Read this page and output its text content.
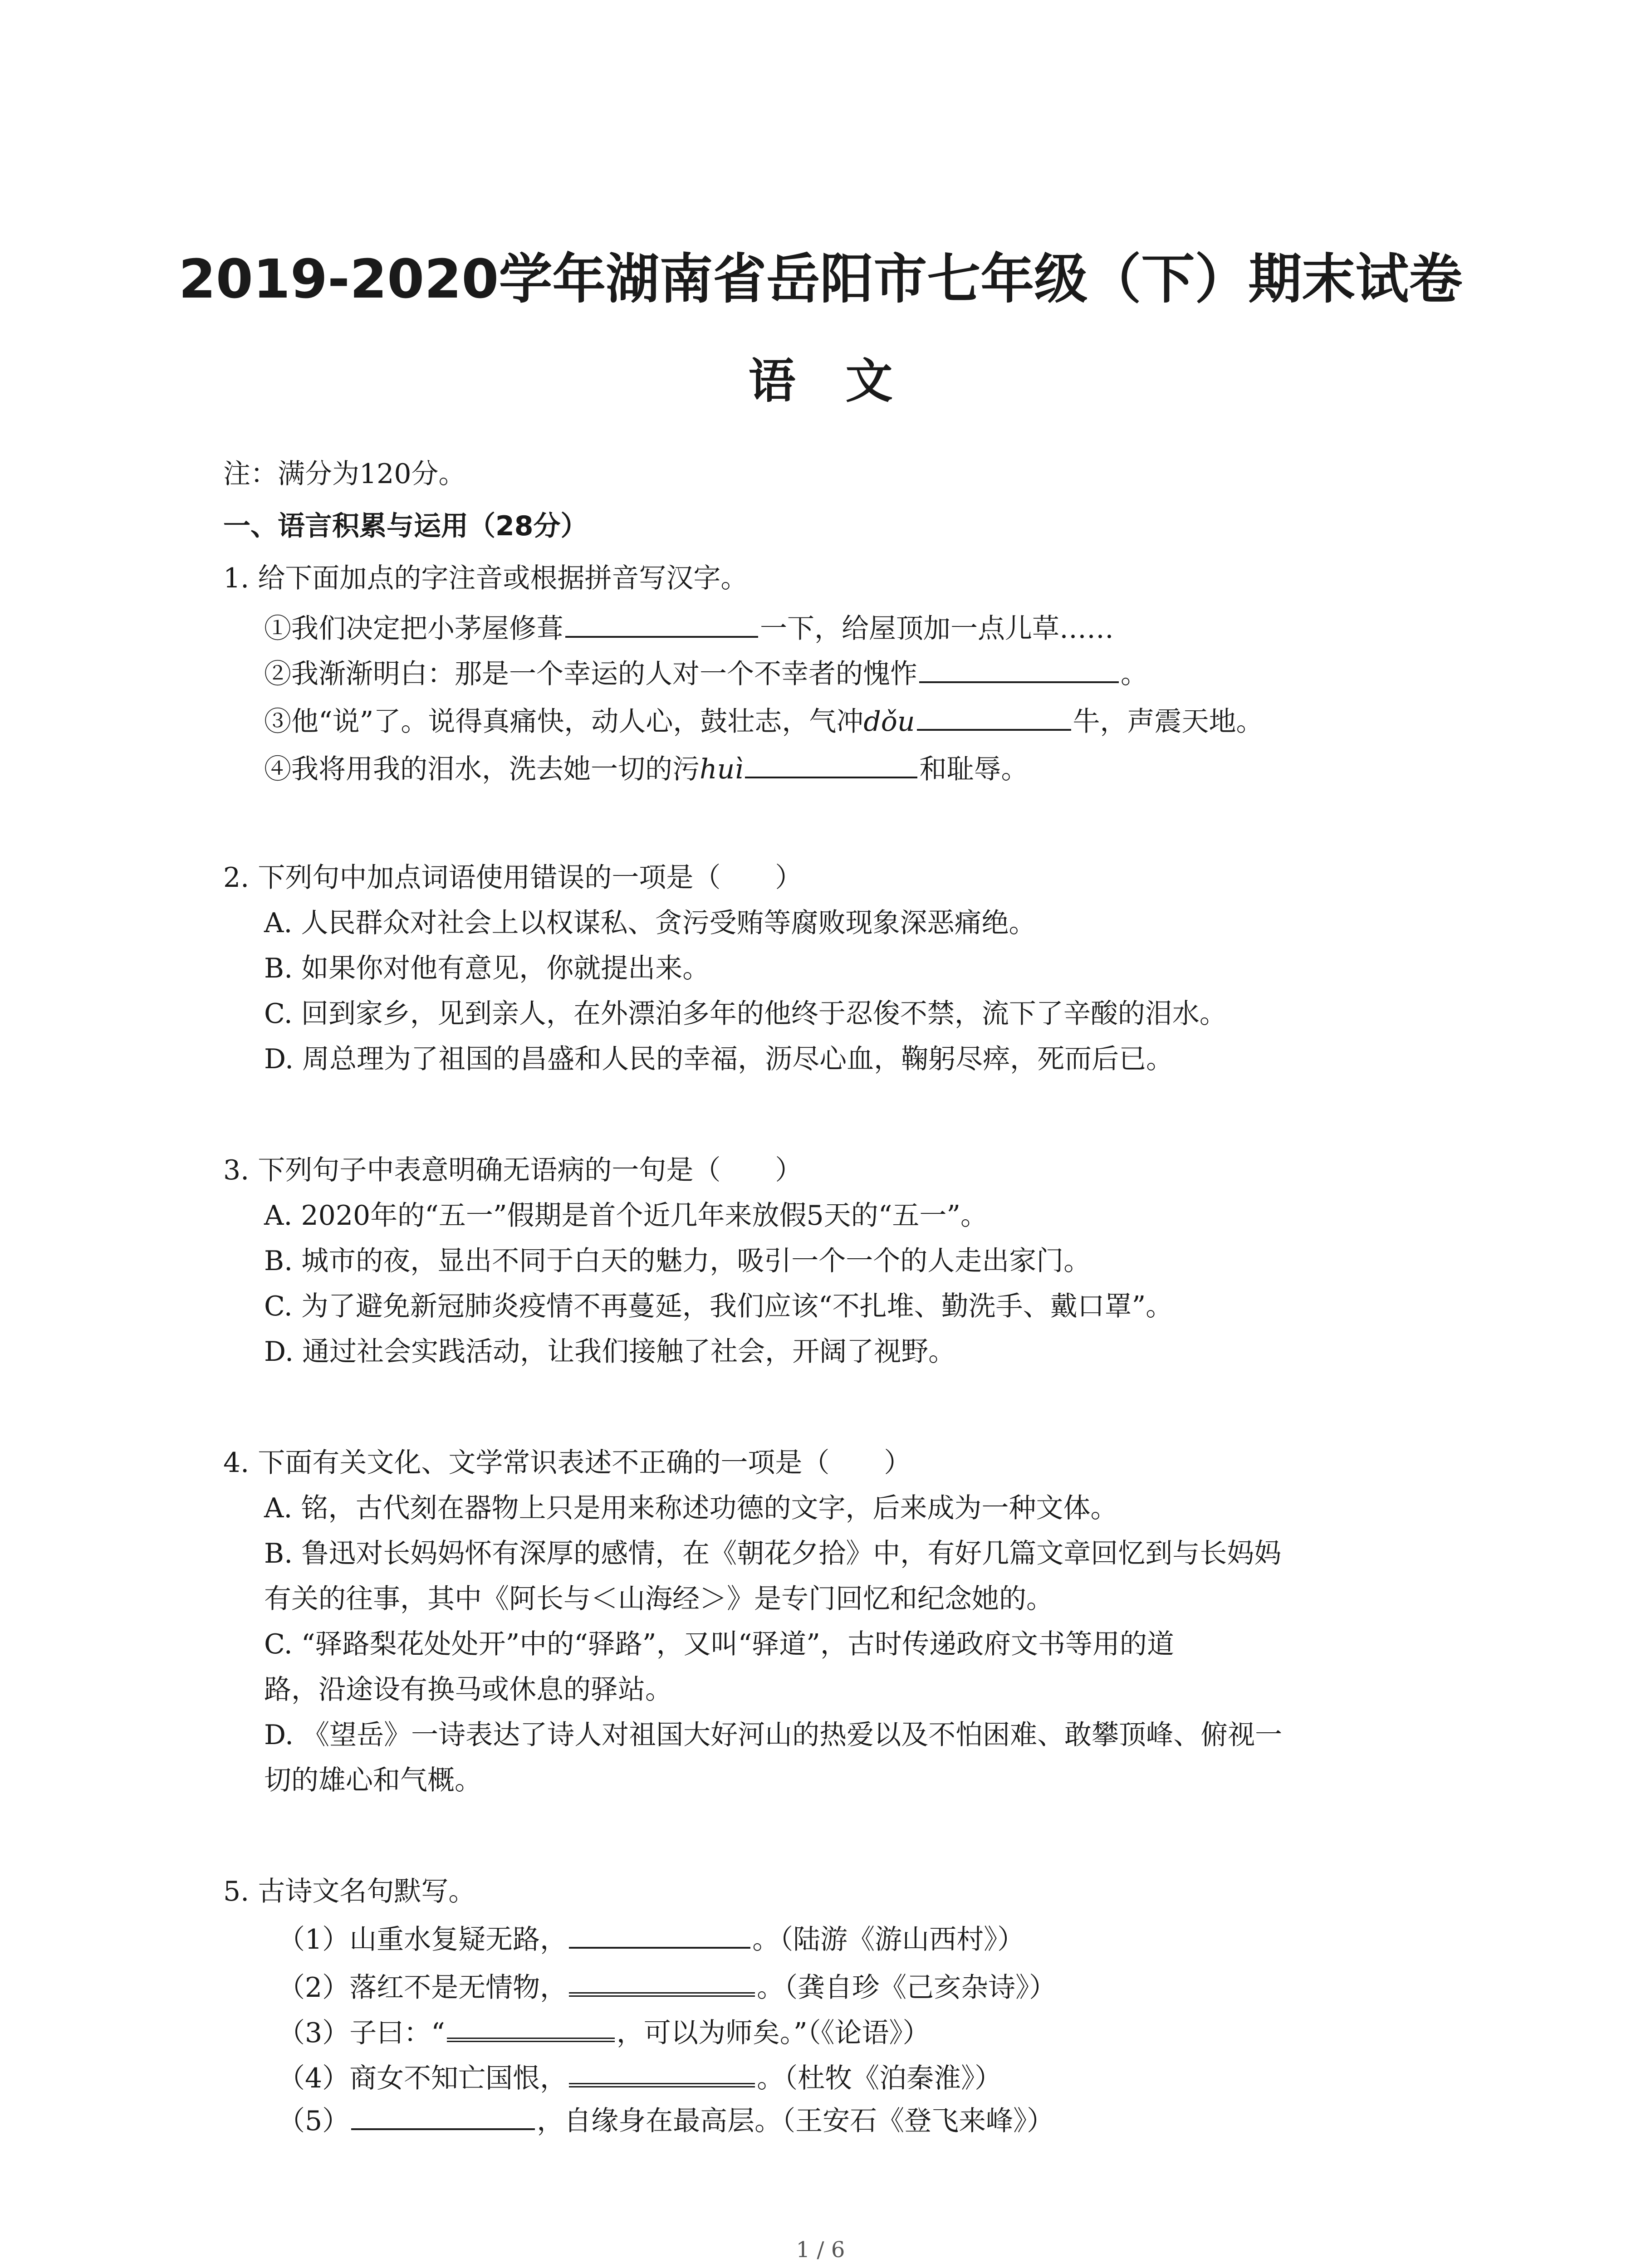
2019-2020学年湖南省岳阳市七年级（下）期末试卷
语文
注：满分为120分。
一、语言积累与运用（28分）
1. 给下面加点的字注音或根据拼音写汉字。
①我们决定把小茅屋修葺	一下，给屋顶加一点儿草……
②我渐渐明白：那是一个幸运的人对一个不幸者的愧怍	。
③他“说”了。说得真痛快，动人心，鼓壮志，气冲dǒu	牛，声震天地。
④我将用我的泪水，洗去她一切的污huì	和耻辱。
2. 下列句中加点词语使用错误的一项是（　　）
A. 人民群众对社会上以权谋私、贪污受贿等腐败现象深恶痛绝。
B. 如果你对他有意见，你就提出来。
C. 回到家乡，见到亲人，在外漂泊多年的他终于忍俊不禁，流下了辛酸的泪水。
D. 周总理为了祖国的昌盛和人民的幸福，沥尽心血，鞠躬尽瘁，死而后已。
3. 下列句子中表意明确无语病的一句是（　　）
A. 2020年的“五一”假期是首个近几年来放假5天的“五一”。
B. 城市的夜，显出不同于白天的魅力，吸引一个一个的人走出家门。
C. 为了避免新冠肺炎疫情不再蔓延，我们应该“不扎堆、勤洗手、戴口罩”。
D. 通过社会实践活动，让我们接触了社会，开阔了视野。
4. 下面有关文化、文学常识表述不正确的一项是（　　）
A. 铭，古代刻在器物上只是用来称述功德的文字，后来成为一种文体。
B. 鲁迅对长妈妈怀有深厚的感情，在《朝花夕拾》中，有好几篇文章回忆到与长妈妈
有关的往事，其中《阿长与＜山海经＞》是专门回忆和纪念她的。
C. “驿路梨花处处开”中的“驿路”，又叫“驿道”，古时传递政府文书等用的道
路，沿途设有换马或休息的驿站。
D. 《望岳》一诗表达了诗人对祖国大好河山的热爱以及不怕困难、敢攀顶峰、俯视一
切的雄心和气概。
5. 古诗文名句默写。
（1）山重水复疑无路，	。（陆游《游山西村》）
（2）落红不是无情物，	。（龚自珍《己亥杂诗》）
（3）子曰：“	，可以为师矣。”（《论语》）
（4）商女不知亡国恨，	。（杜牧《泊秦淮》）
（5）	，自缘身在最高层。（王安石《登飞来峰》）
1 / 6
